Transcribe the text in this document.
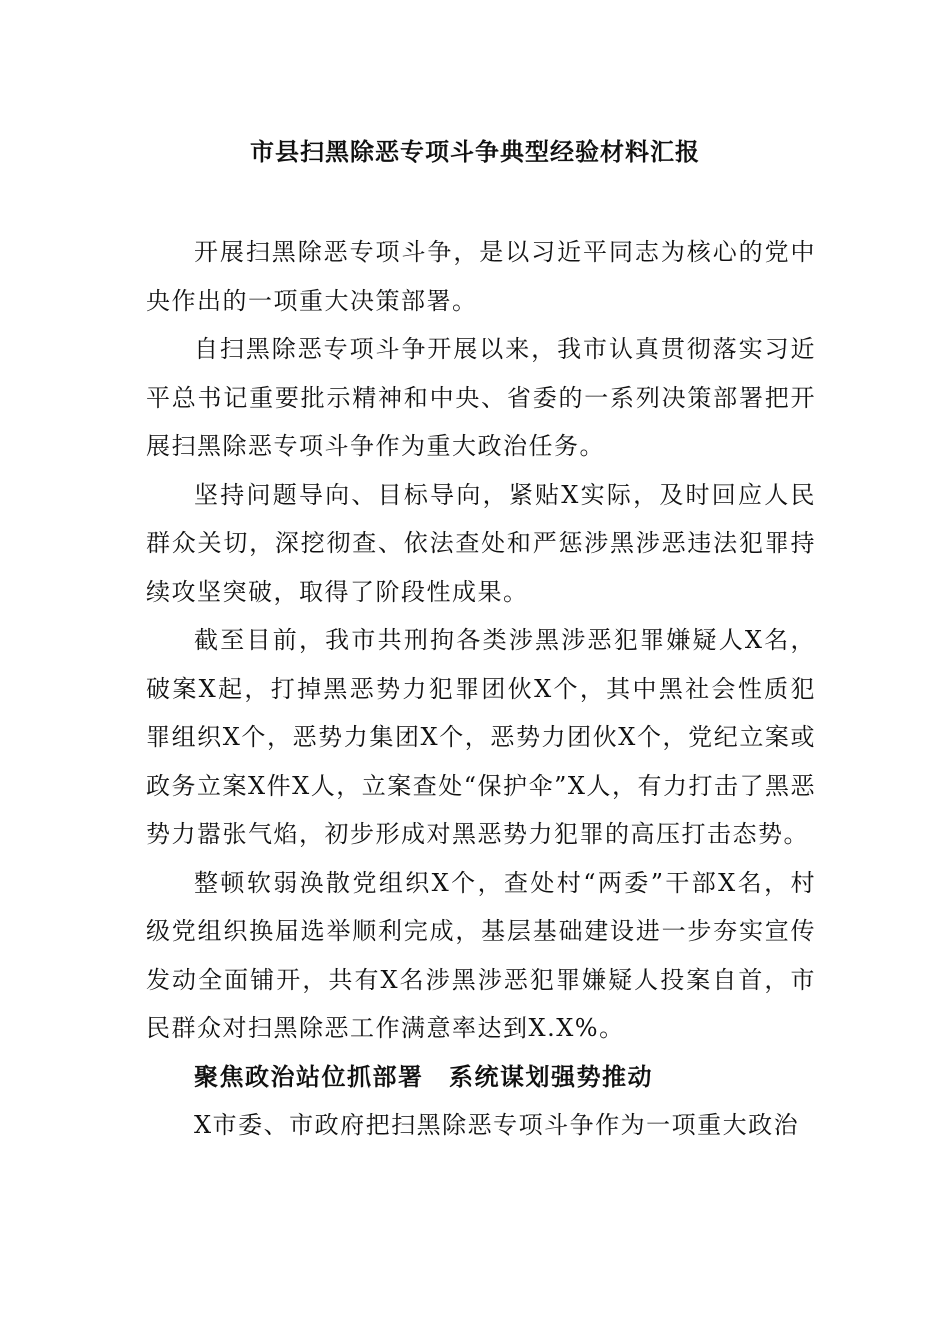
市县扫黑除恶专项斗争典型经验材料汇报

开展扫黑除恶专项斗争，是以习近平同志为核心的党中央作出的一项重大决策部署。

自扫黑除恶专项斗争开展以来，我市认真贯彻落实习近平总书记重要批示精神和中央、省委的一系列决策部署把开展扫黑除恶专项斗争作为重大政治任务。

坚持问题导向、目标导向，紧贴X实际，及时回应人民群众关切，深挖彻查、依法查处和严惩涉黑涉恶违法犯罪持续攻坚突破，取得了阶段性成果。

截至目前，我市共刑拘各类涉黑涉恶犯罪嫌疑人X名，破案X起，打掉黑恶势力犯罪团伙X个，其中黑社会性质犯罪组织X个，恶势力集团X个，恶势力团伙X个，党纪立案或政务立案X件X人，立案查处“保护伞”X人，有力打击了黑恶势力嚣张气焰，初步形成对黑恶势力犯罪的高压打击态势。

整顿软弱涣散党组织X个，查处村“两委”干部X名，村级党组织换届选举顺利完成，基层基础建设进一步夯实宣传发动全面铺开，共有X名涉黑涉恶犯罪嫌疑人投案自首，市民群众对扫黑除恶工作满意率达到X.X%。

聚焦政治站位抓部署　系统谋划强势推动

X市委、市政府把扫黑除恶专项斗争作为一项重大政治
